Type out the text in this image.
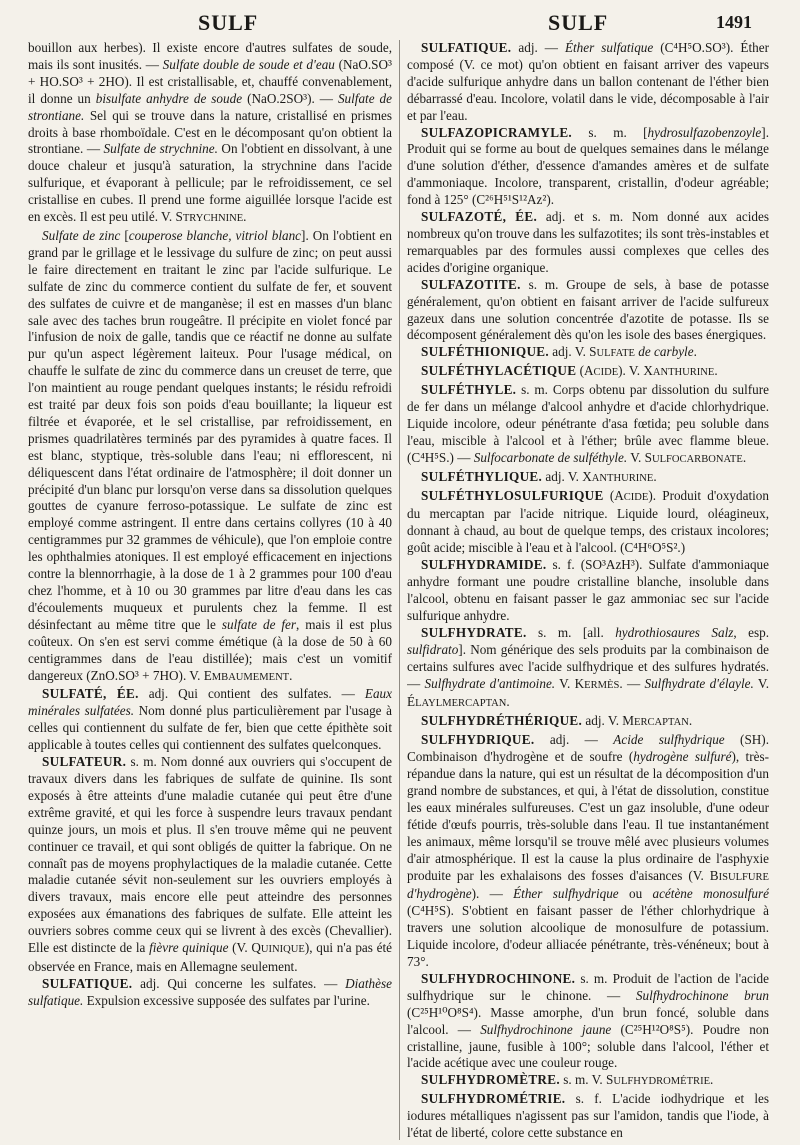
SULF	SULF	1491

bouillon aux herbes). Il existe encore d'autres sulfates de soude, mais ils sont inusités. — Sulfate double de soude et d'eau (NaO.SO³ + HO.SO³ + 2HO). Il est cristallisable, et, chauffé convenablement, il donne un bisulfate anhydre de soude (NaO.2SO³). — Sulfate de strontiane. Sel qui se trouve dans la nature, cristallisé en prismes droits à base rhomboïdale. C'est en le décomposant qu'on obtient la strontiane. — Sulfate de strychnine. On l'obtient en dissolvant, à une douce chaleur et jusqu'à saturation, la strychnine dans l'acide sulfurique, et évaporant à pellicule; par le refroidissement, ce sel cristallise en cubes. Il prend une forme aiguillée lorsque l'acide est en excès. Il est peu utilé. V. STRYCHNINE.

Sulfate de zinc [couperose blanche, vitriol blanc]. On l'obtient en grand par le grillage et le lessivage du sulfure de zinc; on peut aussi le faire directement en traitant le zinc par l'acide sulfurique. Le sulfate de zinc du commerce contient du sulfate de fer, et souvent des sulfates de cuivre et de manganèse; il est en masses d'un blanc sale avec des taches brun rougeâtre. Il précipite en violet foncé par l'infusion de noix de galle, tandis que ce réactif ne donne au sulfate pur qu'un aspect légèrement laiteux. Pour l'usage médical, on chauffe le sulfate de zinc du commerce dans un creuset de terre, que l'on maintient au rouge pendant quelques instants; le résidu refroidi est traité par deux fois son poids d'eau bouillante; la liqueur est filtrée et évaporée, et le sel cristallise, par refroidissement, en prismes quadrilatères terminés par des pyramides à quatre faces. Il est blanc, styptique, très-soluble dans l'eau; ni efflorescent, ni déliquescent dans l'état ordinaire de l'atmosphère; il doit donner un précipité d'un blanc pur lorsqu'on verse dans sa dissolution quelques gouttes de cyanure ferroso-potassique. Le sulfate de zinc est employé comme astringent. Il entre dans certains collyres (10 à 40 centigrammes pur 32 grammes de véhicule), que l'on emploie contre les ophthalmies atoniques. Il est employé efficacement en injections contre la blennorrhagie, à la dose de 1 à 2 grammes pour 100 d'eau chez l'homme, et à 10 ou 30 grammes par litre d'eau dans les cas d'écoulements muqueux et purulents chez la femme. Il est désinfectant au même titre que le sulfate de fer, mais il est plus coûteux. On s'en est servi comme émétique (à la dose de 50 à 60 centigrammes dans de l'eau distillée); mais c'est un vomitif dangereux (ZnO.SO³ + 7HO). V. EMBAUMEMENT.

SULFATÉ, ÉE. adj. Qui contient des sulfates. — Eaux minérales sulfatées. Nom donné plus particulièrement par l'usage à celles qui contiennent du sulfate de fer, bien que cette épithète soit applicable à toutes celles qui contiennent des sulfates quelconques.

SULFATEUR. s. m. Nom donné aux ouvriers qui s'occupent de travaux divers dans les fabriques de sulfate de quinine. Ils sont exposés à être atteints d'une maladie cutanée qui peut être d'une extrême gravité, et qui les force à suspendre leurs travaux pendant quinze jours, un mois et plus. Il s'en trouve même qui ne peuvent continuer ce travail, et qui sont obligés de quitter la fabrique. On ne connaît pas de moyens prophylactiques de la maladie cutanée. Cette maladie cutanée sévit non-seulement sur les ouvriers employés à divers travaux, mais encore elle peut atteindre des personnes exposées aux émanations des fabriques de sulfate. Elle atteint les ouvriers sobres comme ceux qui se livrent à des excès (Chevallier). Elle est distincte de la fièvre quinique (V. QUINIQUE), qui n'a pas été observée en France, mais en Allemagne seulement.

SULFATIQUE. adj. Qui concerne les sulfates. — Diathèse sulfatique. Expulsion excessive supposée des sulfates par l'urine.

SULFATIQUE. adj. — Éther sulfatique (C⁴H⁵O.SO³). Éther composé (V. ce mot) qu'on obtient en faisant arriver des vapeurs d'acide sulfurique anhydre dans un ballon contenant de l'éther bien débarrassé d'eau. Incolore, volatil dans le vide, décomposable à l'air et par l'eau.

SULFAZOPICRAMYLE. s. m. [hydrosulfazobenzoyle]. Produit qui se forme au bout de quelques semaines dans le mélange d'une solution d'éther, d'essence d'amandes amères et de sulfate d'ammoniaque. Incolore, transparent, cristallin, d'odeur agréable; fond à 125° (C²⁶H⁵¹S¹²Az²).

SULFAZOTÉ, ÉE. adj. et s. m. Nom donné aux acides nombreux qu'on trouve dans les sulfazotites; ils sont très-instables et remarquables par des formules aussi complexes que celles des acides d'origine organique.

SULFAZOTITE. s. m. Groupe de sels, à base de potasse généralement, qu'on obtient en faisant arriver de l'acide sulfureux gazeux dans une solution concentrée d'azotite de potasse. Ils se décomposent généralement dès qu'on les isole des bases énergiques.

SULFÉTHIONIQUE. adj. V. SULFATE de carbyle.

SULFÉTHYLACÉTIQUE (ACIDE). V. XANTHURINE.

SULFÉTHYLE. s. m. Corps obtenu par dissolution du sulfure de fer dans un mélange d'alcool anhydre et d'acide chlorhydrique. Liquide incolore, odeur pénétrante d'asa fœtida; peu soluble dans l'eau, miscible à l'alcool et à l'éther; brûle avec flamme bleue. (C⁴H⁵S.) — Sulfocarbonate de sulféthyle. V. SULFOCARBONATE.

SULFÉTHYLIQUE. adj. V. XANTHURINE.

SULFÉTHYLOSULFURIQUE (ACIDE). Produit d'oxydation du mercaptan par l'acide nitrique. Liquide lourd, oléagineux, donnant à chaud, au bout de quelque temps, des cristaux incolores; goût acide; miscible à l'eau et à l'alcool. (C⁴H⁶O⁵S².)

SULFHYDRAMIDE. s. f. (SO³AzH³). Sulfate d'ammoniaque anhydre formant une poudre cristalline blanche, insoluble dans l'alcool, obtenu en faisant passer le gaz ammoniac sec sur l'acide sulfurique anhydre.

SULFHYDRATE. s. m. [all. hydrothiosaures Salz, esp. sulfidrato]. Nom générique des sels produits par la combinaison de certains sulfures avec l'acide sulfhydrique et des sulfures hydratés. — Sulfhydrate d'antimoine. V. KERMÈS. — Sulfhydrate d'élayle. V. ÉLAYLMERCAPTAN.

SULFHYDRÉTHÉRIQUE. adj. V. MERCAPTAN.

SULFHYDRIQUE. adj. — Acide sulfhydrique (SH). Combinaison d'hydrogène et de soufre (hydrogène sulfuré), très-répandue dans la nature, qui est un résultat de la décomposition d'un grand nombre de substances, et qui, à l'état de dissolution, constitue les eaux minérales sulfureuses. C'est un gaz insoluble, d'une odeur fétide d'œufs pourris, très-soluble dans l'eau. Il tue instantanément les animaux, même lorsqu'il se trouve mêlé avec plusieurs volumes d'air atmosphérique. Il est la cause la plus ordinaire de l'asphyxie produite par les exhalaisons des fosses d'aisances (V. BISULFURE d'hydrogène). — Éther sulfhydrique ou acétène monosulfuré (C⁴H⁵S). S'obtient en faisant passer de l'éther chlorhydrique à travers une solution alcoolique de monosulfure de potassium. Liquide incolore, d'odeur alliacée pénétrante, très-vénéneux; bout à 73°.

SULFHYDROCHINONE. s. m. Produit de l'action de l'acide sulfhydrique sur le chinone. — Sulfhydrochinone brun (C²⁵H¹⁰O⁸S⁴). Masse amorphe, d'un brun foncé, soluble dans l'alcool. — Sulfhydrochinone jaune (C²⁵H¹²O⁸S⁵). Poudre non cristalline, jaune, fusible à 100°; soluble dans l'alcool, l'éther et l'acide acétique avec une couleur rouge.

SULFHYDROMÈTRE. s. m. V. SULFHYDROMÉTRIE.

SULFHYDROMÉTRIE. s. f. L'acide iodhydrique et les iodures métalliques n'agissent pas sur l'amidon, tandis que l'iode, à l'état de liberté, colore cette substance en
